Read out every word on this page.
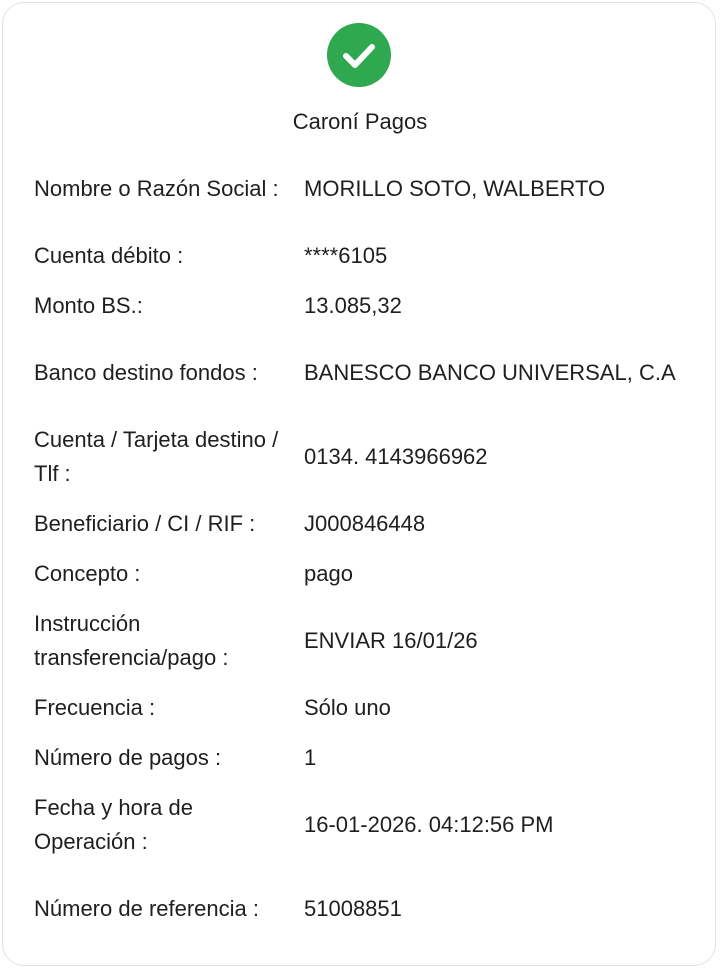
Caroní Pagos
Nombre o Razón Social : MORILLO SOTO, WALBERTO
Cuenta débito :	****6105
Monto BS.:	13.085,32
Banco destino fondos :	BANESCO BANCO UNIVERSAL, C.A
Cuenta / Tarjeta destino / Tlf :
0134. 4143966962
Beneficiario / CI / RIF :	J000846448
Concepto :	pago
Instrucción transferencia/pago :
ENVIAR 16/01/26
Frecuencia :	Sólo uno
Número de pagos :	1
Fecha y hora de Operación :
16-01-2026. 04:12:56 PM
Número de referencia :	51008851
